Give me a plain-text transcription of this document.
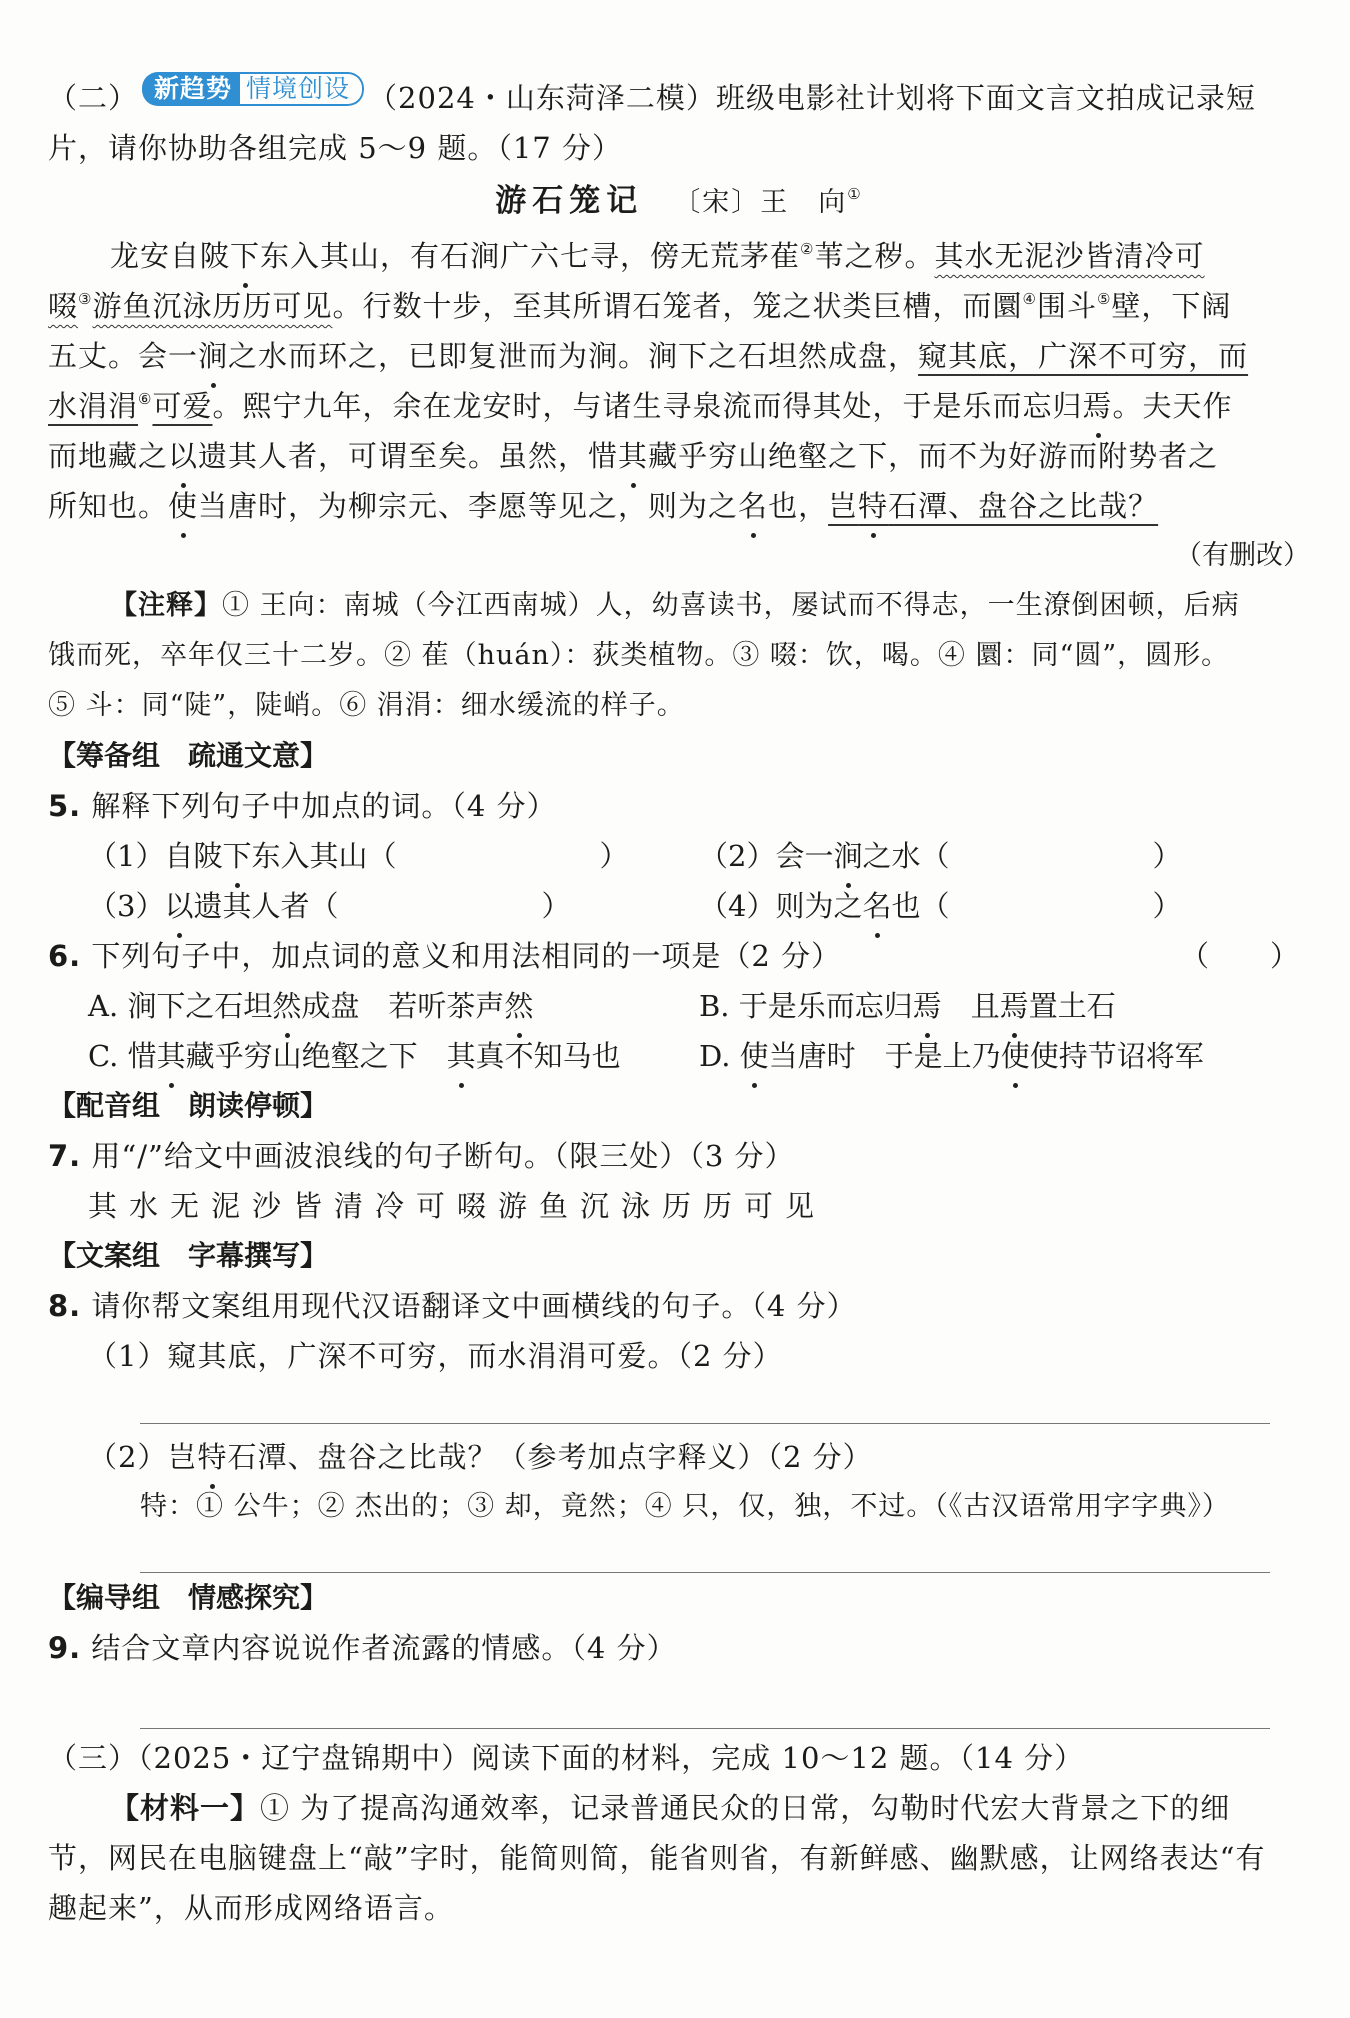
（二） 新趋势 情境创设 （2024・山东菏泽二模）班级电影社计划将下面文言文拍成记录短
片，请你协助各组完成 5～9 题。（17 分）
游石笼记 〔宋〕王　向①
龙安自陂下东入其山，有石涧广六七寻，傍无荒茅萑②苇之秽。其水无泥沙皆清冷可
啜③游鱼沉泳历历可见。行数十步，至其所谓石笼者，笼之状类巨槽，而圜④围斗⑤壁，下阔
五丈。会一涧之水而环之，已即复泄而为涧。涧下之石坦然成盘，窥其底，广深不可穷，而
水涓涓⑥可爱。熙宁九年，余在龙安时，与诸生寻泉流而得其处，于是乐而忘归焉。夫天作
而地藏之以遗其人者，可谓至矣。虽然，惜其藏乎穷山绝壑之下，而不为好游而附势者之
所知也。使当唐时，为柳宗元、李愿等见之，则为之名也，岂特石潭、盘谷之比哉？
（有删改）
【注释】① 王向：南城（今江西南城）人，幼喜读书，屡试而不得志，一生潦倒困顿，后病
饿而死，卒年仅三十二岁。② 萑（huán）：荻类植物。③ 啜：饮，喝。④ 圜：同“圆”，圆形。
⑤ 斗：同“陡”，陡峭。⑥ 涓涓：细水缓流的样子。
【筹备组　疏通文意】
5. 解释下列句子中加点的词。（4 分）
（1）自陂下东入其山（　　　　　　　）	（2）会一涧之水（　　　　　　　）
（3）以遗其人者（　　　　　　　）	（4）则为之名也（　　　　　　　）
6. 下列句子中，加点词的意义和用法相同的一项是（2 分）	（　　）
A. 涧下之石坦然成盘　若听茶声然	B. 于是乐而忘归焉　且焉置土石
C. 惜其藏乎穷山绝壑之下　其真不知马也	D. 使当唐时　于是上乃使使持节诏将军
【配音组　朗读停顿】
7. 用“/”给文中画波浪线的句子断句。（限三处）（3 分）
其水无泥沙皆清冷可啜游鱼沉泳历历可见
【文案组　字幕撰写】
8. 请你帮文案组用现代汉语翻译文中画横线的句子。（4 分）
（1）窥其底，广深不可穷，而水涓涓可爱。（2 分）
（2）岂特石潭、盘谷之比哉？（参考加点字释义）（2 分）
特：① 公牛；② 杰出的；③ 却，竟然；④ 只，仅，独，不过。（《古汉语常用字字典》）
【编导组　情感探究】
9. 结合文章内容说说作者流露的情感。（4 分）
（三）（2025・辽宁盘锦期中）阅读下面的材料，完成 10～12 题。（14 分）
【材料一】① 为了提高沟通效率，记录普通民众的日常，勾勒时代宏大背景之下的细
节，网民在电脑键盘上“敲”字时，能简则简，能省则省，有新鲜感、幽默感，让网络表达“有
趣起来”，从而形成网络语言。
